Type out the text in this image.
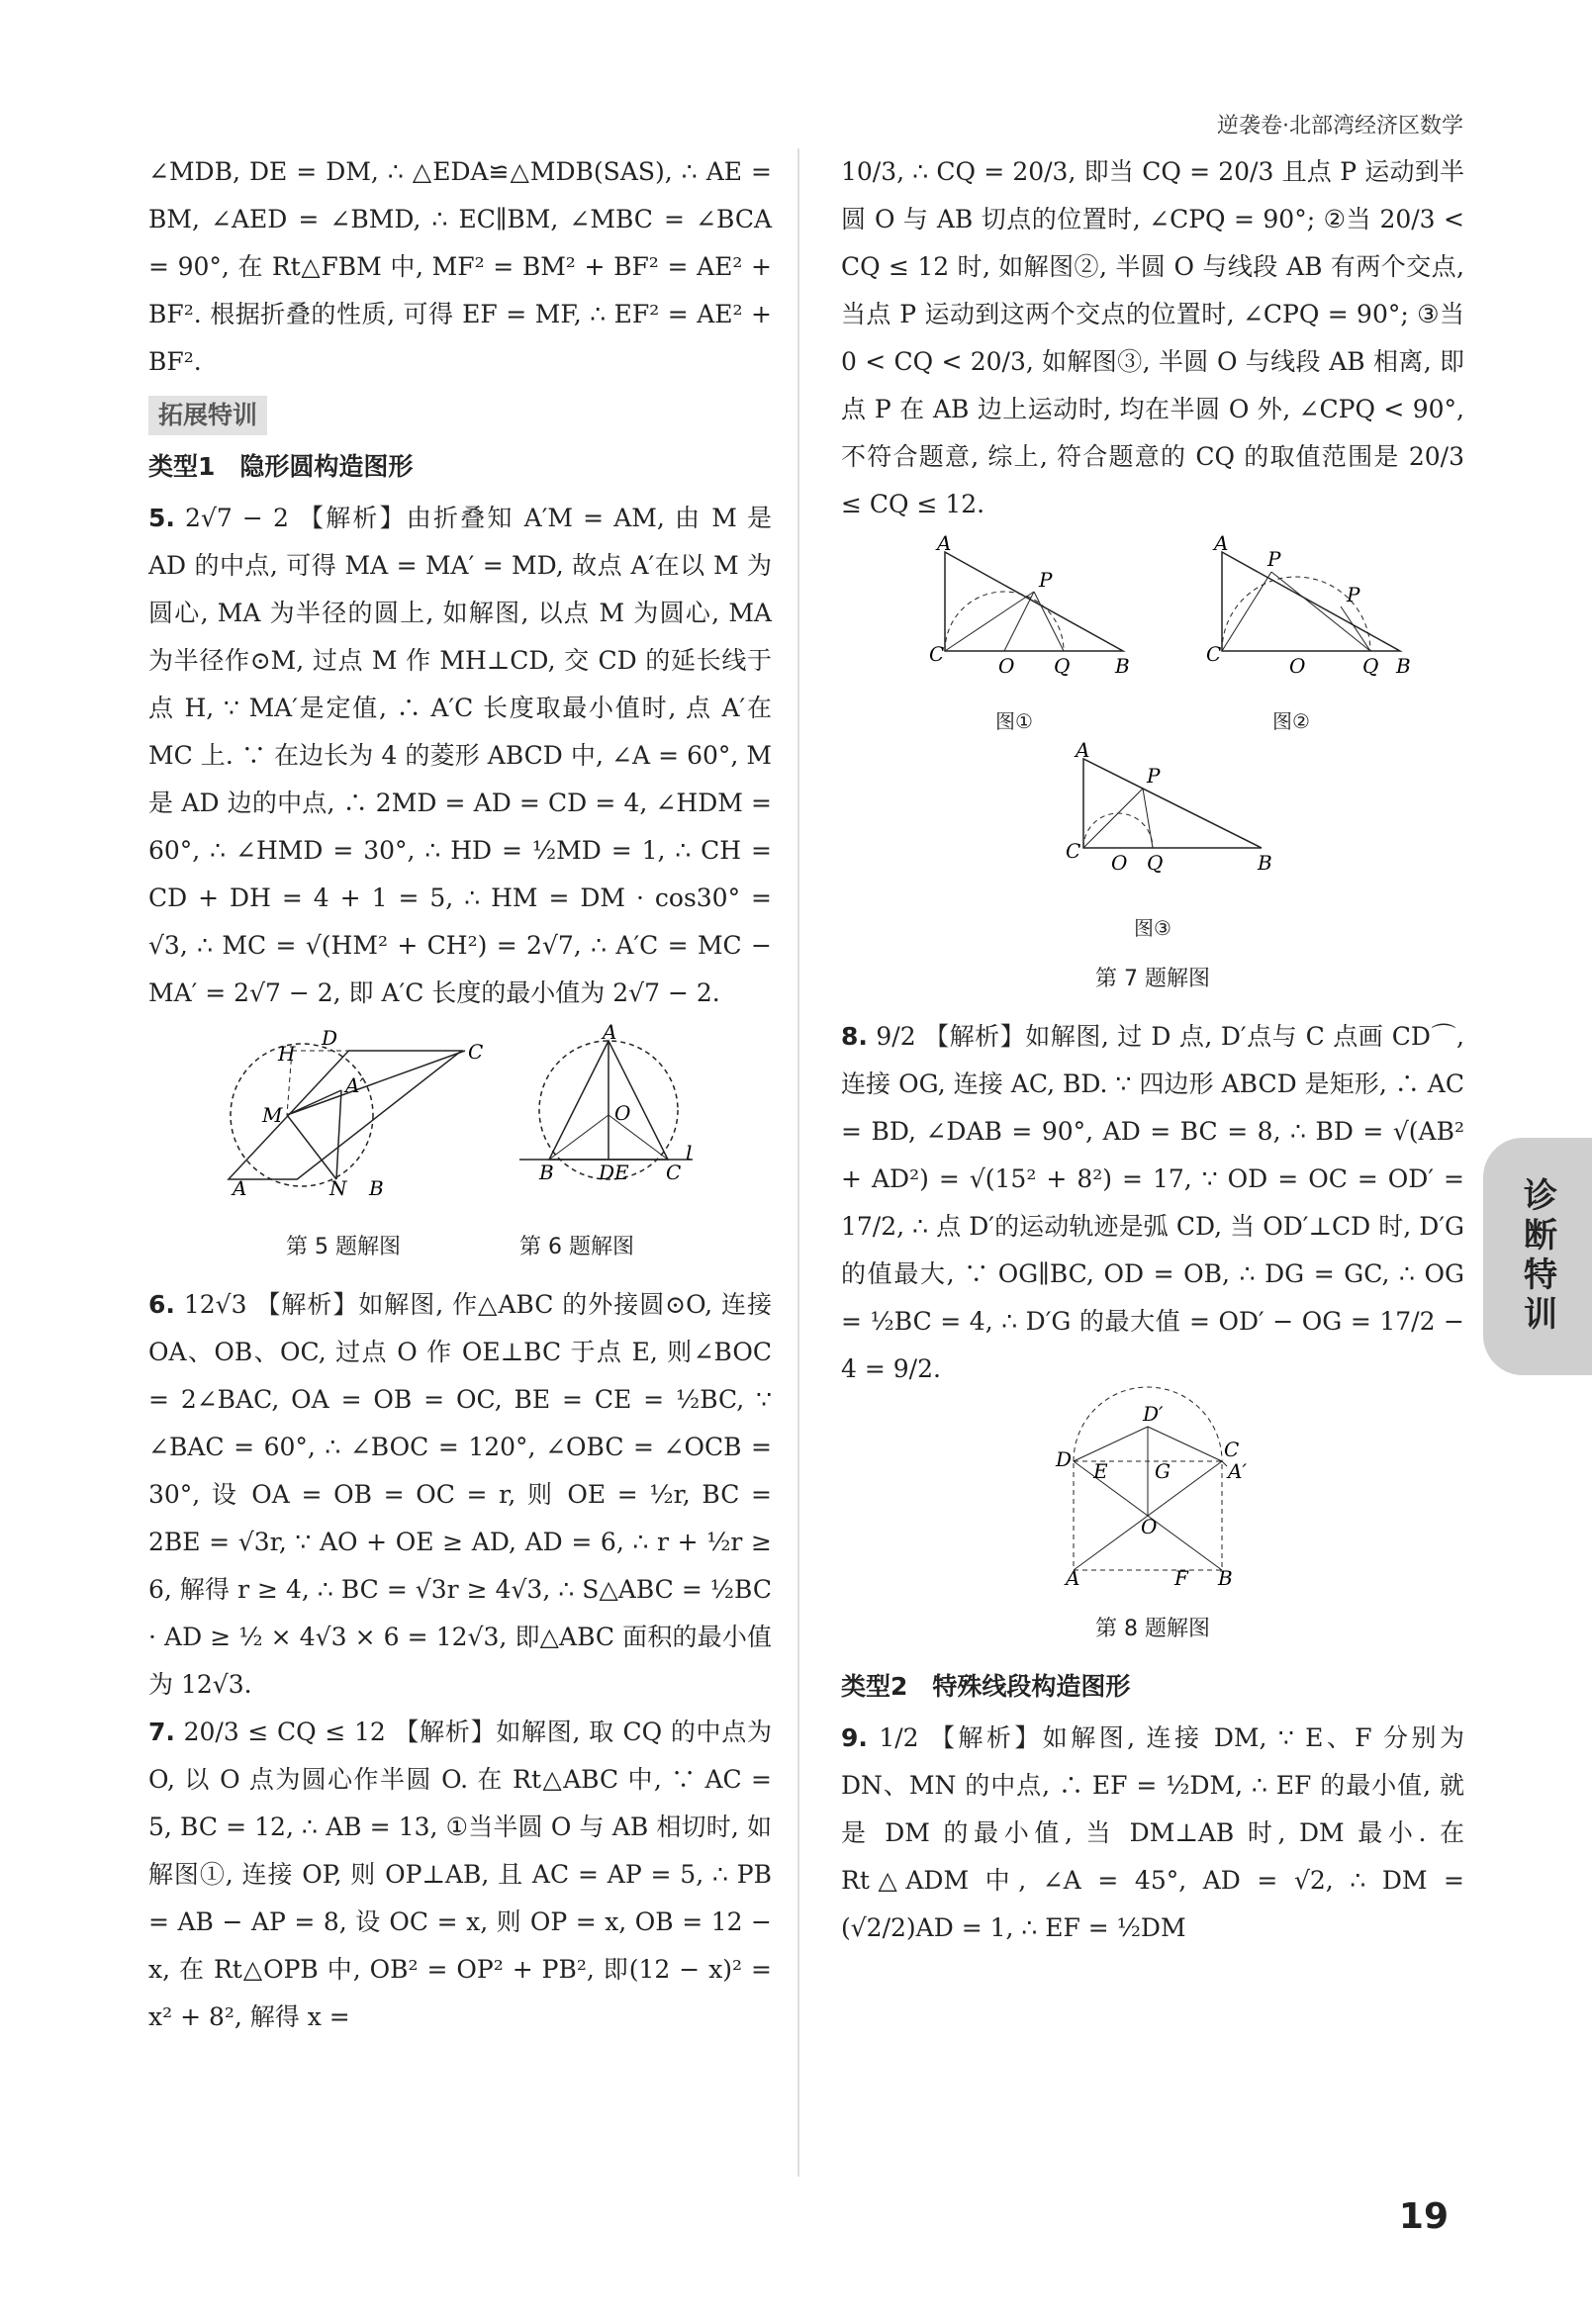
逆袭卷·北部湾经济区数学

∠MDB, DE = DM, ∴ △EDA≌△MDB(SAS), ∴ AE = BM, ∠AED = ∠BMD, ∴ EC∥BM, ∠MBC = ∠BCA = 90°, 在 Rt△FBM 中, MF² = BM² + BF² = AE² + BF². 根据折叠的性质, 可得 EF = MF, ∴ EF² = AE² + BF².

拓展特训
类型1　隐形圆构造图形

5. 2√7 − 2 【解析】由折叠知 A′M = AM, 由 M 是 AD 的中点, 可得 MA = MA′ = MD, 故点 A′在以 M 为圆心, MA 为半径的圆上, 如解图, 以点 M 为圆心, MA 为半径作⊙M, 过点 M 作 MH⊥CD, 交 CD 的延长线于点 H, ∵ MA′是定值, ∴ A′C 长度取最小值时, 点 A′在 MC 上. ∵ 在边长为 4 的菱形 ABCD 中, ∠A = 60°, M 是 AD 边的中点, ∴ 2MD = AD = CD = 4, ∠HDM = 60°, ∴ ∠HMD = 30°, ∴ HD = ½MD = 1, ∴ CH = CD + DH = 4 + 1 = 5, ∴ HM = DM · cos30° = √3, ∴ MC = √(HM² + CH²) = 2√7, ∴ A′C = MC − MA′ = 2√7 − 2, 即 A′C 长度的最小值为 2√7 − 2.

D
H
M
A′
A	N B
C
A
O
B DE C
l
第 5 题解图	第 6 题解图

6. 12√3 【解析】如解图, 作△ABC 的外接圆⊙O, 连接 OA、OB、OC, 过点 O 作 OE⊥BC 于点 E, 则∠BOC = 2∠BAC, OA = OB = OC, BE = CE = ½BC, ∵ ∠BAC = 60°, ∴ ∠BOC = 120°, ∠OBC = ∠OCB = 30°, 设 OA = OB = OC = r, 则 OE = ½r, BC = 2BE = √3r, ∵ AO + OE ≥ AD, AD = 6, ∴ r + ½r ≥ 6, 解得 r ≥ 4, ∴ BC = √3r ≥ 4√3, ∴ S△ABC = ½BC · AD ≥ ½ × 4√3 × 6 = 12√3, 即△ABC 面积的最小值为 12√3.

7. 20/3 ≤ CQ ≤ 12 【解析】如解图, 取 CQ 的中点为 O, 以 O 点为圆心作半圆 O. 在 Rt△ABC 中, ∵ AC = 5, BC = 12, ∴ AB = 13, ①当半圆 O 与 AB 相切时, 如解图①, 连接 OP, 则 OP⊥AB, 且 AC = AP = 5, ∴ PB = AB − AP = 8, 设 OC = x, 则 OP = x, OB = 12 − x, 在 Rt△OPB 中, OB² = OP² + PB², 即(12 − x)² = x² + 8², 解得 x =

10/3, ∴ CQ = 20/3, 即当 CQ = 20/3 且点 P 运动到半圆 O 与 AB 切点的位置时, ∠CPQ = 90°; ②当 20/3 < CQ ≤ 12 时, 如解图②, 半圆 O 与线段 AB 有两个交点, 当点 P 运动到这两个交点的位置时, ∠CPQ = 90°; ③当 0 < CQ < 20/3, 如解图③, 半圆 O 与线段 AB 相离, 即点 P 在 AB 边上运动时, 均在半圆 O 外, ∠CPQ < 90°, 不符合题意, 综上, 符合题意的 CQ 的取值范围是 20/3 ≤ CQ ≤ 12.

A
P
C	O Q B
图①
A
P
P
C	O	Q B
图②
A
P
C O Q	B
图③
第 7 题解图

8. 9/2 【解析】如解图, 过 D 点, D′点与 C 点画 CD⌒, 连接 OG, 连接 AC, BD. ∵ 四边形 ABCD 是矩形, ∴ AC = BD, ∠DAB = 90°, AD = BC = 8, ∴ BD = √(AB² + AD²) = √(15² + 8²) = 17, ∵ OD = OC = OD′ = 17/2, ∴ 点 D′的运动轨迹是弧 CD, 当 OD′⊥CD 时, D′G 的值最大, ∵ OG∥BC, OD = OB, ∴ DG = GC, ∴ OG = ½BC = 4, ∴ D′G 的最大值 = OD′ − OG = 17/2 − 4 = 9/2.

D′
D E G
C
A′
O
A	F B
第 8 题解图
类型2　特殊线段构造图形

9. 1/2 【解析】如解图, 连接 DM, ∵ E、F 分别为 DN、MN 的中点, ∴ EF = ½DM, ∴ EF 的最小值, 就是 DM 的最小值, 当 DM⊥AB 时, DM 最小. 在 Rt△ADM 中, ∠A = 45°, AD = √2, ∴ DM = (√2/2)AD = 1, ∴ EF = ½DM

诊断特训
19
